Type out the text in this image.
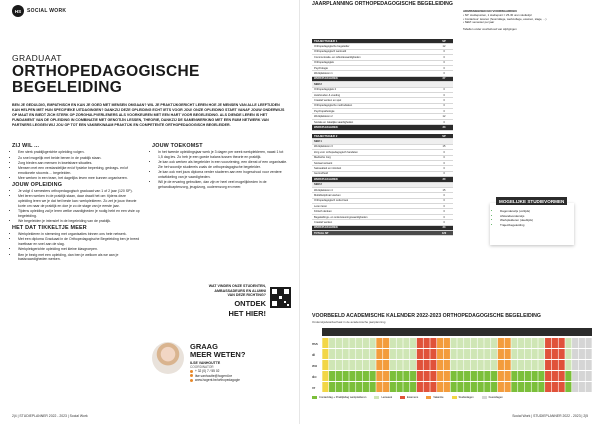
HS	SOCIAL WORK
GRADUAAT
ORTHOPEDAGOGISCHE
BEGELEIDING
BEN JE GEDULDIG, EMPATHISCH EN KAN JE GOED MET MENSEN OMGAAN? WIL JE PRAKTIJKGERICHT LEREN HOE JE MENSEN VAN ALLE LEEFTIJDEN KAN HELPEN MET HUN SPECIFIEKE UITDAGINGEN? DANKZIJ DEZE OPLEIDING ECHT IETS VOOR JOU! ONZE OPLEIDING START VANAF JOUW ONDERWIJS OP MAAT EN BIEDT ZICH STERK OP ZORGHULPVERLENERS ALS VOORKEUREN MET EEN HART VOOR BEGELEIDING. ALS DIENDE LEREN IS HET FUNDAMENT VAN DE OPLEIDING IN COMBINATIE MET GENOTIJN LESSEN, THEORIE, DANKZIJ DE SAMENWERKING MET EEN RUIM NETWERK VAN PARTNERS LEGGEN WIJ JOU OP TOT EEN VAKBEKWAAM PRAKTIJK EN COMPETENTE ORTHOPEDAGOGISCH BEGELEIDER.
ZIJ WIL ...
• Een sterk praktijkgerichte opleiding volgen.
• Zo snel mogelijk met beide benen in de praktijk staan.
• Zorg bieden aan mensen in kwetsbare situaties.
• Mensen met een verstandelijke en/of fysieke beperking, gedrags- en/of emotionele stoornis ... begeleiden.
• Mee werken in een team, het dagelijks leven mee kunnen organiseren.
JOUW OPLEIDING
• Je volgt 4 semesters orthopedagogisch graduaat van 1 of 2 jaar (120 SP).
• Met leren werken in de praktijk staan, daar draait het om: tijdens deze opleiding leren we je dat het beste kan: werkplekleren. Zo zet je jouw theorie korte om naar de praktijk en doe je zo de stage van je eerste jaar.
• Tijdens opleiding zal je leren welke vaardigheden je nodig hebt en een visie op begeleiding.
• We begeleiden je intensief in de begeleiding van de praktijk.
HET DAT TIKKELTJE MEER
• Werkplekleren in stemming met organisaties binnen ons hele netwerk.
• Met een diploma Graduaat in de Orthopedagogische Begeleiding ben je breed inzetbaar en snel aan de slag.
• Werkplekgerichte opleiding met kleine klasgroepen.
• Ben je bezig met een opleiding, dan ben je welkom als we aan je basisvaardigheden werken.
JOUW TOEKOMST
• In het tweede opleidingsjaar werk je 3 dagen per week werkplekleren, naast 1 tot 1,5 dag les. Zo heb je een goede balans tussen theorie en praktijk.
• Je kan ook werken als begeleider in een voorziening, een dienst of een organisatie. Zie het woordje studiereis zoals de orthopedagogische begeleider.
• Je kan ook met jouw diploma verder studeren aan een hogeschool voor verdere ontwikkeling van je vaardigheden.
• Wil je de ervaring gebruiken, dan zijn er heel veel mogelijkheden in de gehandicaptenzorg, jeugdzorg, ouderenzorg en meer.
WAT VINDEN ONZE STUDENTEN,
AMBASSADEURS EN ALUMNI
VAN DEZE RICHTING?
ONTDEK
HET HIER!
GRAAG
MEER WETEN?
ILSE VANHOUTTE
COORDINATOR
+ 32 (0) 7 / 55 02
ilse.vanhoutte@hogent.be
www.hogent.be/orthopedagogie
2|4 | STUDIEPLANNER 2022 - 2023 | Social Work
JAARPLANNING ORTHOPEDAGOGISCHE BEGELEIDING
TRAJECTSCHIJF 1	SP
Orthopedagogische begeleider	12
Orthopedagogisch werkveld	3
Communicatie- en reflectievaardigheden	3
Orthopedagogiek	3
Psychologie	3
Werkplekleren 1	3
WERKPLEKLEREN	27
SEM 2
Orthopedagogiek 2	3
Huishouden & voeding	3
Creatief werken en spel	3
Orthopedagogische methodieken	3
Psychopathologie	3
Werkplekleren 2	12
Sociale en zakelijke vaardigheden	3
WERKPLEKLEREN	33
TRAJECTSCHIJF 2	SP
SEM 1
Werkplekleren 3	15
Zorg voor orthopedagogisch handelen	3
Medische zorg	3
Sociaal netwerk	3
Seksualiteit en intimiteit	3
Gezondheid	3
WERKPLEKLEREN	30
SEM 2
Werkplekleren 4	15
Multidisciplinair werken	3
Orthopedagogisch onderzoek	3
Leren leren	3
Kritisch denken	3
Begeleidings- en ondersteuningsvaardigheden	3
Creatief werken	3
WERKPLEKLEREN	33
TOTAAL SP	120
ADMISSIEEISEN EN VOORWAARDEN
• SP: studiepunten, 1 studiepunt = 25-30 uren studietijd
• Contactuur: lesuren (hoorcollege, werkcollege, examen, stage, ...)
• SEM: semester per jaar
Tabellen onder voorbehoud van wijzigingen
MOGELIJKE STUDIEVORMEN
• Dagonderwijs (voltijds)
• Afstandsonderwijs
• Werkplekleren (deeltijds)
• Trajectbegeleiding
VOORBEELD ACADEMISCHE KALENDER 2022-2023 ORTHOPEDAGOGISCHE BEGELEIDING
Onderwijsdetailverhaal in de academische jaarplanning
ma
di
wo
do
vr
Contactdag + Praktijkdag werkplekleren	Lesweek	Examens	Vakantie	Studiedagen	Feestdagen
Social Work | STUDIEPLANNER 2022 - 2023 | 2|5
